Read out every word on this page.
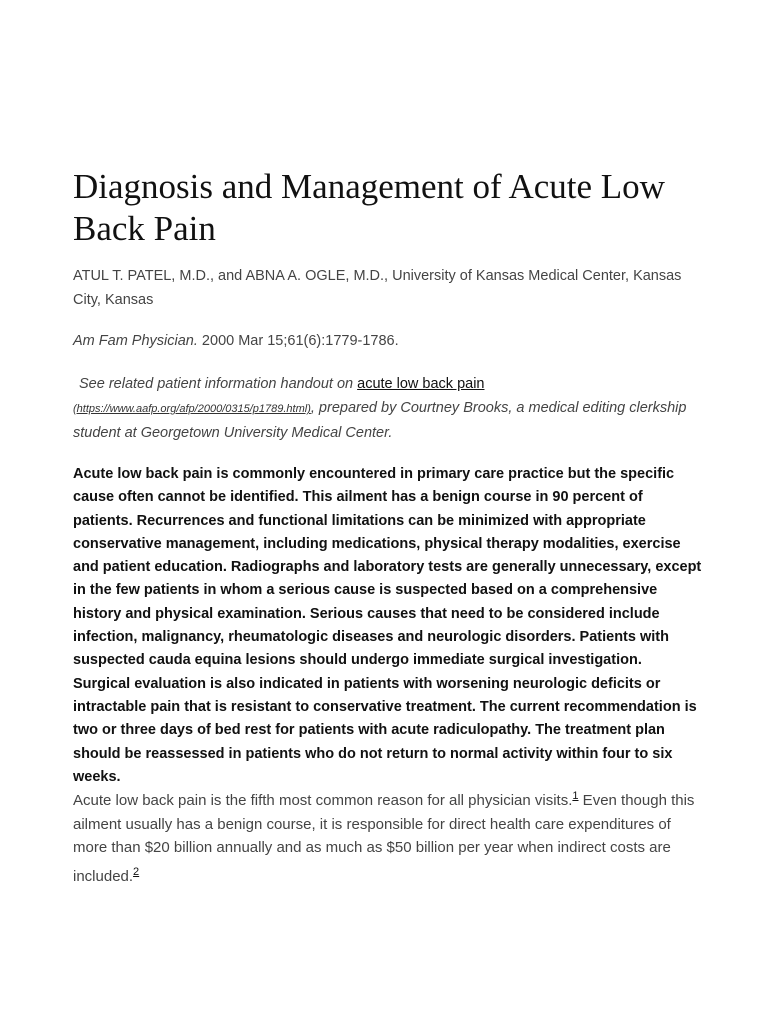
Diagnosis and Management of Acute Low Back Pain

ATUL T. PATEL, M.D., and ABNA A. OGLE, M.D., University of Kansas Medical Center, Kansas City, Kansas

Am Fam Physician. 2000 Mar 15;61(6):1779-1786.

See related patient information handout on acute low back pain
(https://www.aafp.org/afp/2000/0315/p1789.html), prepared by Courtney Brooks, a medical editing clerkship student at Georgetown University Medical Center.

Acute low back pain is commonly encountered in primary care practice but the specific cause often cannot be identified. This ailment has a benign course in 90 percent of patients. Recurrences and functional limitations can be minimized with appropriate conservative management, including medications, physical therapy modalities, exercise and patient education. Radiographs and laboratory tests are generally unnecessary, except in the few patients in whom a serious cause is suspected based on a comprehensive history and physical examination. Serious causes that need to be considered include infection, malignancy, rheumatologic diseases and neurologic disorders. Patients with suspected cauda equina lesions should undergo immediate surgical investigation. Surgical evaluation is also indicated in patients with worsening neurologic deficits or intractable pain that is resistant to conservative treatment. The current recommendation is two or three days of bed rest for patients with acute radiculopathy. The treatment plan should be reassessed in patients who do not return to normal activity within four to six weeks.

Acute low back pain is the fifth most common reason for all physician visits.$^1$ Even though this ailment usually has a benign course, it is responsible for direct health care expenditures of more than $20 billion annually and as much as $50 billion per year when indirect costs are included.$^2$
